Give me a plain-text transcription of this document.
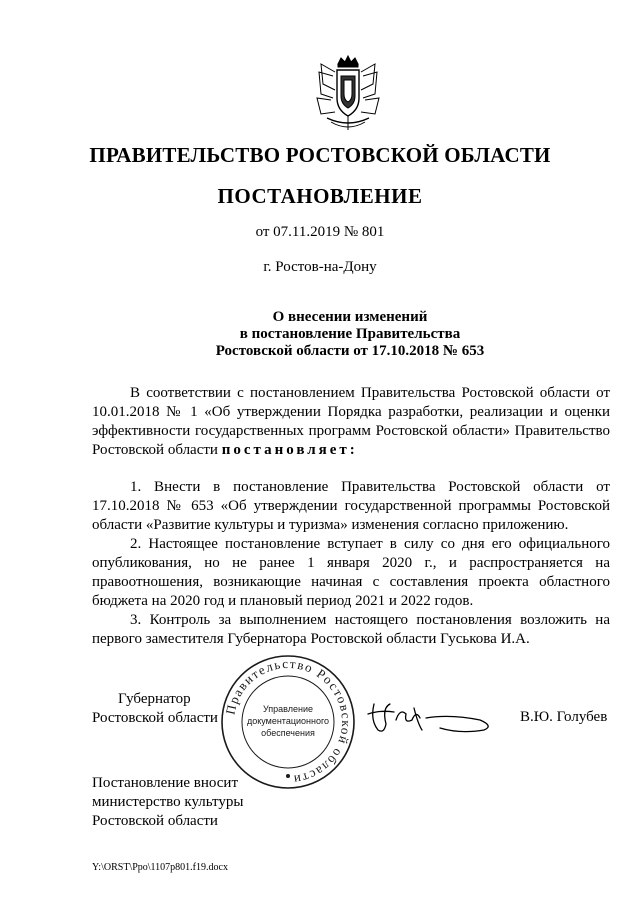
ПРАВИТЕЛЬСТВО РОСТОВСКОЙ ОБЛАСТИ
ПОСТАНОВЛЕНИЕ
от 07.11.2019 № 801
г. Ростов-на-Дону
О внесении изменений
в постановление Правительства
Ростовской области от 17.10.2018 № 653

В соответствии с постановлением Правительства Ростовской области от 10.01.2018 № 1 «Об утверждении Порядка разработки, реализации и оценки эффективности государственных программ Ростовской области» Правительство Ростовской области постановляет:

1. Внести в постановление Правительства Ростовской области от 17.10.2018 № 653 «Об утверждении государственной программы Ростовской области «Развитие культуры и туризма» изменения согласно приложению.

2. Настоящее постановление вступает в силу со дня его официального опубликования, но не ранее 1 января 2020 г., и распространяется на правоотношения, возникающие начиная с составления проекта областного бюджета на 2020 год и плановый период 2021 и 2022 годов.

3. Контроль за выполнением настоящего постановления возложить на первого заместителя Губернатора Ростовской области Гуськова И.А.

Губернатор
Ростовской области
Правительство Ростовской области
Управление
документационного
обеспечения
В.Ю. Голубев
Постановление вносит
министерство культуры
Ростовской области
Y:\ORST\Ppo\1107p801.f19.docx
